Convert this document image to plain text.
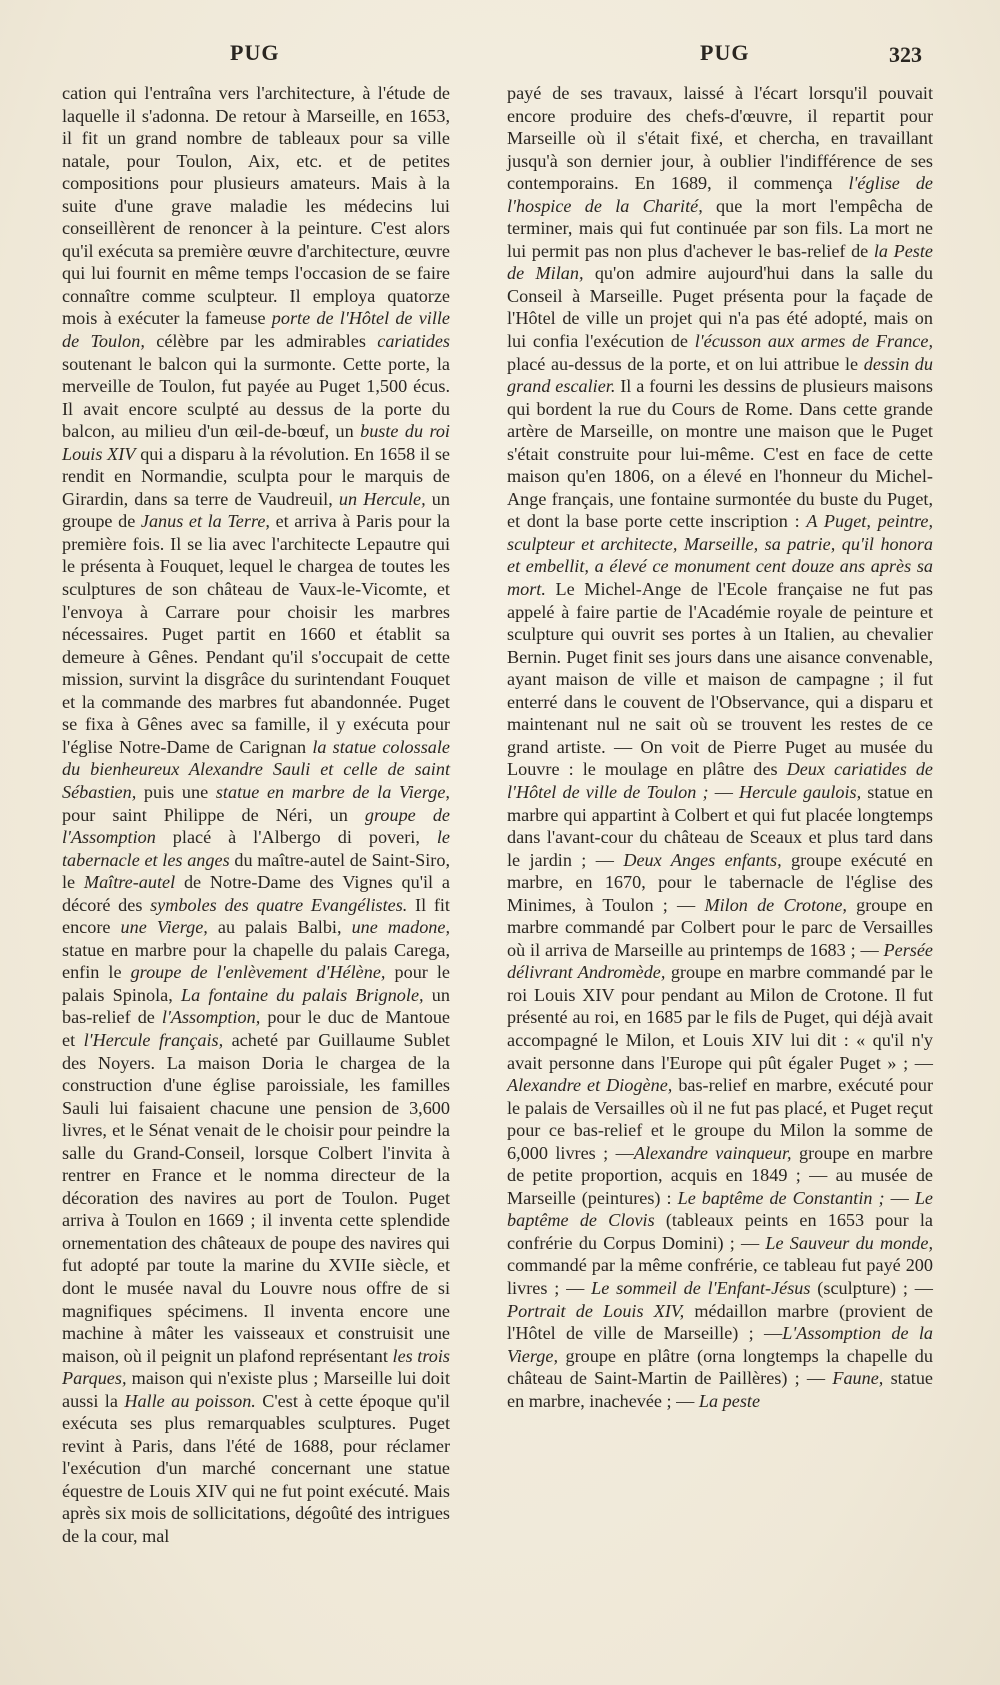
PUG	PUG	323

cation qui l'entraîna vers l'architecture, à l'étude de laquelle il s'adonna. De retour à Marseille, en 1653, il fit un grand nombre de tableaux pour sa ville natale, pour Toulon, Aix, etc. et de petites compositions pour plusieurs amateurs. Mais à la suite d'une grave maladie les médecins lui conseillèrent de renoncer à la peinture. C'est alors qu'il exécuta sa première œuvre d'architecture, œuvre qui lui fournit en même temps l'occasion de se faire connaître comme sculpteur. Il employa quatorze mois à exécuter la fameuse porte de l'Hôtel de ville de Toulon, célèbre par les admirables cariatides soutenant le balcon qui la surmonte. Cette porte, la merveille de Toulon, fut payée au Puget 1,500 écus. Il avait encore sculpté au dessus de la porte du balcon, au milieu d'un œil-de-bœuf, un buste du roi Louis XIV qui a disparu à la révolution. En 1658 il se rendit en Normandie, sculpta pour le marquis de Girardin, dans sa terre de Vaudreuil, un Hercule, un groupe de Janus et la Terre, et arriva à Paris pour la première fois. Il se lia avec l'architecte Lepautre qui le présenta à Fouquet, lequel le chargea de toutes les sculptures de son château de Vaux-le-Vicomte, et l'envoya à Carrare pour choisir les marbres nécessaires. Puget partit en 1660 et établit sa demeure à Gênes. Pendant qu'il s'occupait de cette mission, survint la disgrâce du surintendant Fouquet et la commande des marbres fut abandonnée. Puget se fixa à Gênes avec sa famille, il y exécuta pour l'église Notre-Dame de Carignan la statue colossale du bienheureux Alexandre Sauli et celle de saint Sébastien, puis une statue en marbre de la Vierge, pour saint Philippe de Néri, un groupe de l'Assomption placé à l'Albergo di poveri, le tabernacle et les anges du maître-autel de Saint-Siro, le Maître-autel de Notre-Dame des Vignes qu'il a décoré des symboles des quatre Evangélistes. Il fit encore une Vierge, au palais Balbi, une madone, statue en marbre pour la chapelle du palais Carega, enfin le groupe de l'enlèvement d'Hélène, pour le palais Spinola, La fontaine du palais Brignole, un bas-relief de l'Assomption, pour le duc de Mantoue et l'Hercule français, acheté par Guillaume Sublet des Noyers. La maison Doria le chargea de la construction d'une église paroissiale, les familles Sauli lui faisaient chacune une pension de 3,600 livres, et le Sénat venait de le choisir pour peindre la salle du Grand-Conseil, lorsque Colbert l'invita à rentrer en France et le nomma directeur de la décoration des navires au port de Toulon. Puget arriva à Toulon en 1669 ; il inventa cette splendide ornementation des châteaux de poupe des navires qui fut adopté par toute la marine du XVIIe siècle, et dont le musée naval du Louvre nous offre de si magnifiques spécimens. Il inventa encore une machine à mâter les vaisseaux et construisit une maison, où il peignit un plafond représentant les trois Parques, maison qui n'existe plus ; Marseille lui doit aussi la Halle au poisson. C'est à cette époque qu'il exécuta ses plus remarquables sculptures. Puget revint à Paris, dans l'été de 1688, pour réclamer l'exécution d'un marché concernant une statue équestre de Louis XIV qui ne fut point exécuté. Mais après six mois de sollicitations, dégoûté des intrigues de la cour, mal

payé de ses travaux, laissé à l'écart lorsqu'il pouvait encore produire des chefs-d'œuvre, il repartit pour Marseille où il s'était fixé, et chercha, en travaillant jusqu'à son dernier jour, à oublier l'indifférence de ses contemporains. En 1689, il commença l'église de l'hospice de la Charité, que la mort l'empêcha de terminer, mais qui fut continuée par son fils. La mort ne lui permit pas non plus d'achever le bas-relief de la Peste de Milan, qu'on admire aujourd'hui dans la salle du Conseil à Marseille. Puget présenta pour la façade de l'Hôtel de ville un projet qui n'a pas été adopté, mais on lui confia l'exécution de l'écusson aux armes de France, placé au-dessus de la porte, et on lui attribue le dessin du grand escalier. Il a fourni les dessins de plusieurs maisons qui bordent la rue du Cours de Rome. Dans cette grande artère de Marseille, on montre une maison que le Puget s'était construite pour lui-même. C'est en face de cette maison qu'en 1806, on a élevé en l'honneur du Michel-Ange français, une fontaine surmontée du buste du Puget, et dont la base porte cette inscription : A Puget, peintre, sculpteur et architecte, Marseille, sa patrie, qu'il honora et embellit, a élevé ce monument cent douze ans après sa mort. Le Michel-Ange de l'Ecole française ne fut pas appelé à faire partie de l'Académie royale de peinture et sculpture qui ouvrit ses portes à un Italien, au chevalier Bernin. Puget finit ses jours dans une aisance convenable, ayant maison de ville et maison de campagne ; il fut enterré dans le couvent de l'Observance, qui a disparu et maintenant nul ne sait où se trouvent les restes de ce grand artiste. — On voit de Pierre Puget au musée du Louvre : le moulage en plâtre des Deux cariatides de l'Hôtel de ville de Toulon ; — Hercule gaulois, statue en marbre qui appartint à Colbert et qui fut placée longtemps dans l'avant-cour du château de Sceaux et plus tard dans le jardin ; — Deux Anges enfants, groupe exécuté en marbre, en 1670, pour le tabernacle de l'église des Minimes, à Toulon ; — Milon de Crotone, groupe en marbre commandé par Colbert pour le parc de Versailles où il arriva de Marseille au printemps de 1683 ; — Persée délivrant Andromède, groupe en marbre commandé par le roi Louis XIV pour pendant au Milon de Crotone. Il fut présenté au roi, en 1685 par le fils de Puget, qui déjà avait accompagné le Milon, et Louis XIV lui dit : « qu'il n'y avait personne dans l'Europe qui pût égaler Puget » ; —Alexandre et Diogène, bas-relief en marbre, exécuté pour le palais de Versailles où il ne fut pas placé, et Puget reçut pour ce bas-relief et le groupe du Milon la somme de 6,000 livres ; —Alexandre vainqueur, groupe en marbre de petite proportion, acquis en 1849 ; — au musée de Marseille (peintures) : Le baptême de Constantin ; — Le baptême de Clovis (tableaux peints en 1653 pour la confrérie du Corpus Domini) ; — Le Sauveur du monde, commandé par la même confrérie, ce tableau fut payé 200 livres ; — Le sommeil de l'Enfant-Jésus (sculpture) ; — Portrait de Louis XIV, médaillon marbre (provient de l'Hôtel de ville de Marseille) ; —L'Assomption de la Vierge, groupe en plâtre (orna longtemps la chapelle du château de Saint-Martin de Paillères) ; — Faune, statue en marbre, inachevée ; — La peste
